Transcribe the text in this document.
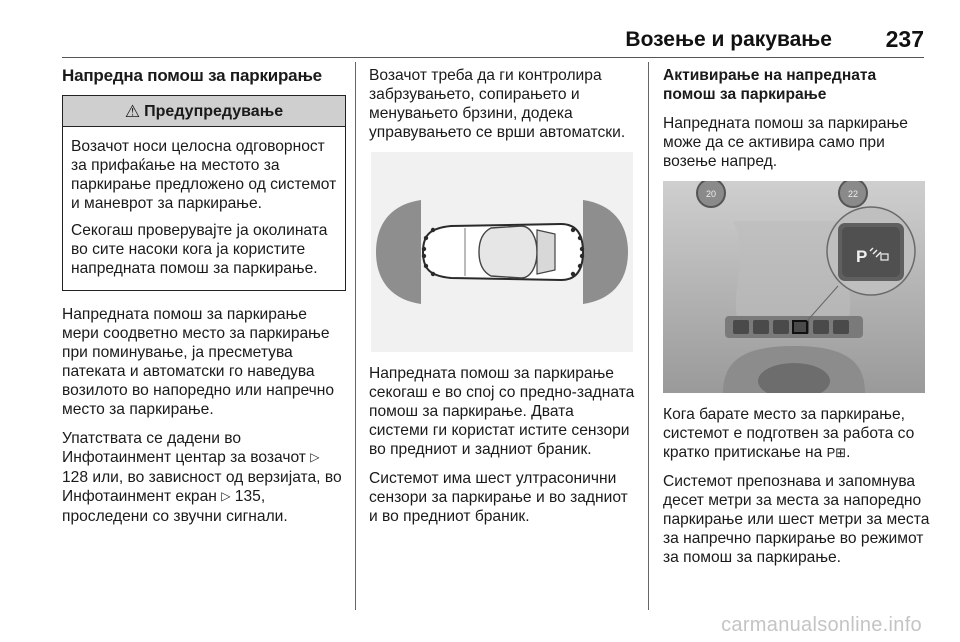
Возење и ракување 237
Напредна помош за паркирање
⚠ Предупредување

Возачот носи целосна одговорност за прифаќање на местото за паркирање предложено од системот и маневрот за паркирање.

Секогаш проверувајте ја околината во сите насоки кога ја користите напредната помош за паркирање.

Напредната помош за паркирање мери соодветно место за паркирање при поминување, ја пресметува патеката и автоматски го наведува возилото во напоредно или напречно место за паркирање.

Упатствата се дадени во Инфотаинмент центар за возачот ▷ 128 или, во зависност од верзијата, во Инфотаинмент екран ▷ 135, проследени со звучни сигнали.

Возачот треба да ги контролира забрзувањето, сопирањето и менувањето брзини, додека управувањето се врши автоматски.

Напредната помош за паркирање секогаш е во спој со предно-задната помош за паркирање. Двата системи ги користат истите сензори во предниот и задниот браник.

Системот има шест ултрасонични сензори за паркирање и во задниот и во предниот браник.

Активирање на напредната помош за паркирање

Напредната помош за паркирање може да се активира само при возење напред.

20	22
P

Кога барате место за паркирање, системот е подготвен за работа со кратко притискање на P⊞.

Системот препознава и запомнува десет метри за места за напоредно паркирање или шест метри за места за напречно паркирање во режимот за помош за паркирање.

carmanualsonline.info
